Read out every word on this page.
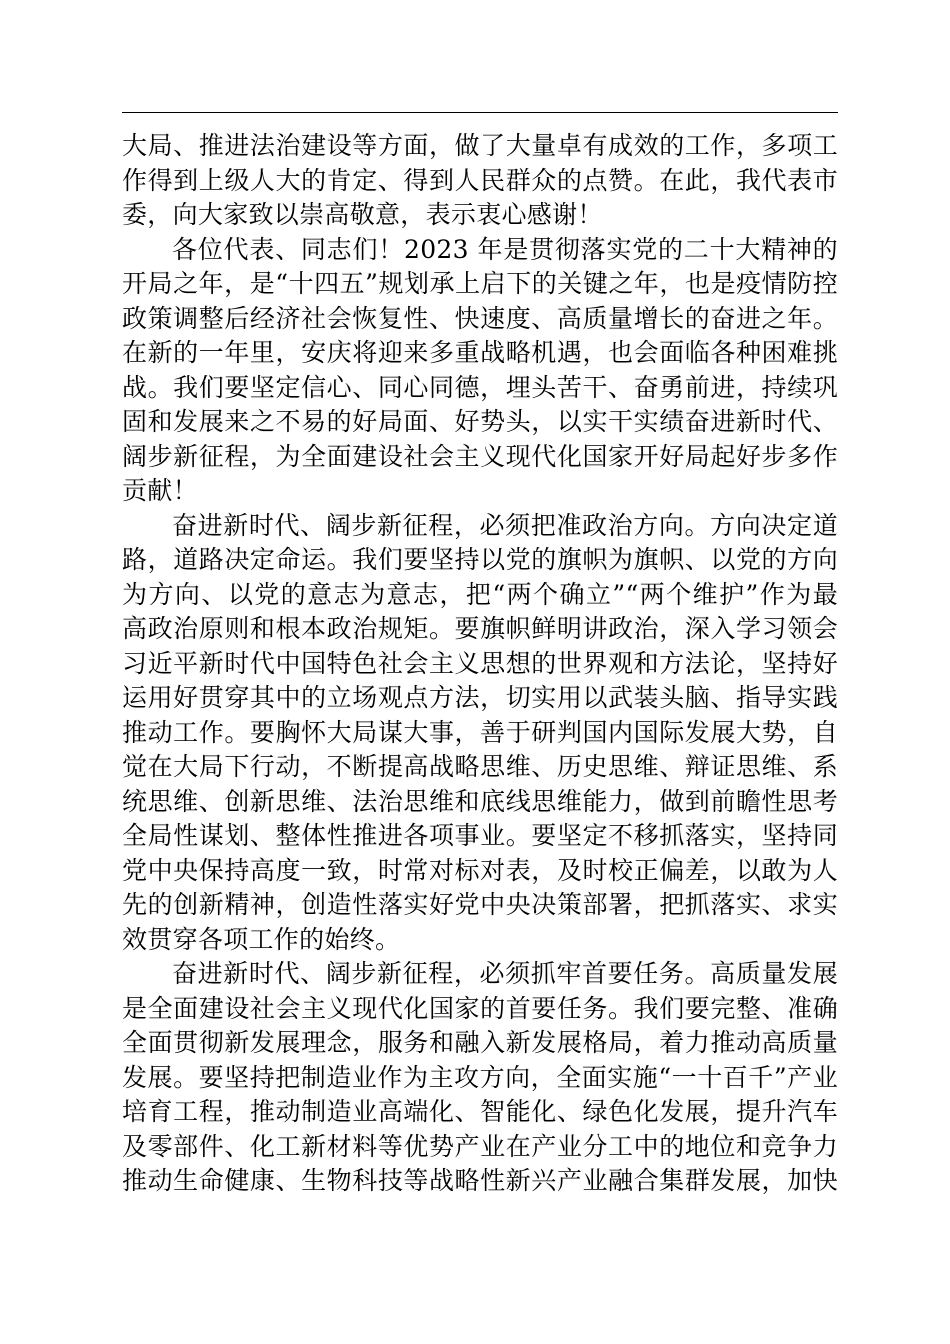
大局、推进法治建设等方面，做了大量卓有成效的工作，多项工
作得到上级人大的肯定、得到人民群众的点赞。在此，我代表市
委，向大家致以崇高敬意，表示衷心感谢！
各位代表、同志们！2023 年是贯彻落实党的二十大精神的
开局之年，是“十四五”规划承上启下的关键之年，也是疫情防控
政策调整后经济社会恢复性、快速度、高质量增长的奋进之年。
在新的一年里，安庆将迎来多重战略机遇，也会面临各种困难挑
战。我们要坚定信心、同心同德，埋头苦干、奋勇前进，持续巩
固和发展来之不易的好局面、好势头，以实干实绩奋进新时代、
阔步新征程，为全面建设社会主义现代化国家开好局起好步多作
贡献！
奋进新时代、阔步新征程，必须把准政治方向。方向决定道
路，道路决定命运。我们要坚持以党的旗帜为旗帜、以党的方向
为方向、以党的意志为意志，把“两个确立”“两个维护”作为最
高政治原则和根本政治规矩。要旗帜鲜明讲政治，深入学习领会
习近平新时代中国特色社会主义思想的世界观和方法论，坚持好
运用好贯穿其中的立场观点方法，切实用以武装头脑、指导实践
推动工作。要胸怀大局谋大事，善于研判国内国际发展大势，自
觉在大局下行动，不断提高战略思维、历史思维、辩证思维、系
统思维、创新思维、法治思维和底线思维能力，做到前瞻性思考
全局性谋划、整体性推进各项事业。要坚定不移抓落实，坚持同
党中央保持高度一致，时常对标对表，及时校正偏差，以敢为人
先的创新精神，创造性落实好党中央决策部署，把抓落实、求实
效贯穿各项工作的始终。
奋进新时代、阔步新征程，必须抓牢首要任务。高质量发展
是全面建设社会主义现代化国家的首要任务。我们要完整、准确
全面贯彻新发展理念，服务和融入新发展格局，着力推动高质量
发展。要坚持把制造业作为主攻方向，全面实施“一十百千”产业
培育工程，推动制造业高端化、智能化、绿色化发展，提升汽车
及零部件、化工新材料等优势产业在产业分工中的地位和竞争力
推动生命健康、生物科技等战略性新兴产业融合集群发展，加快
